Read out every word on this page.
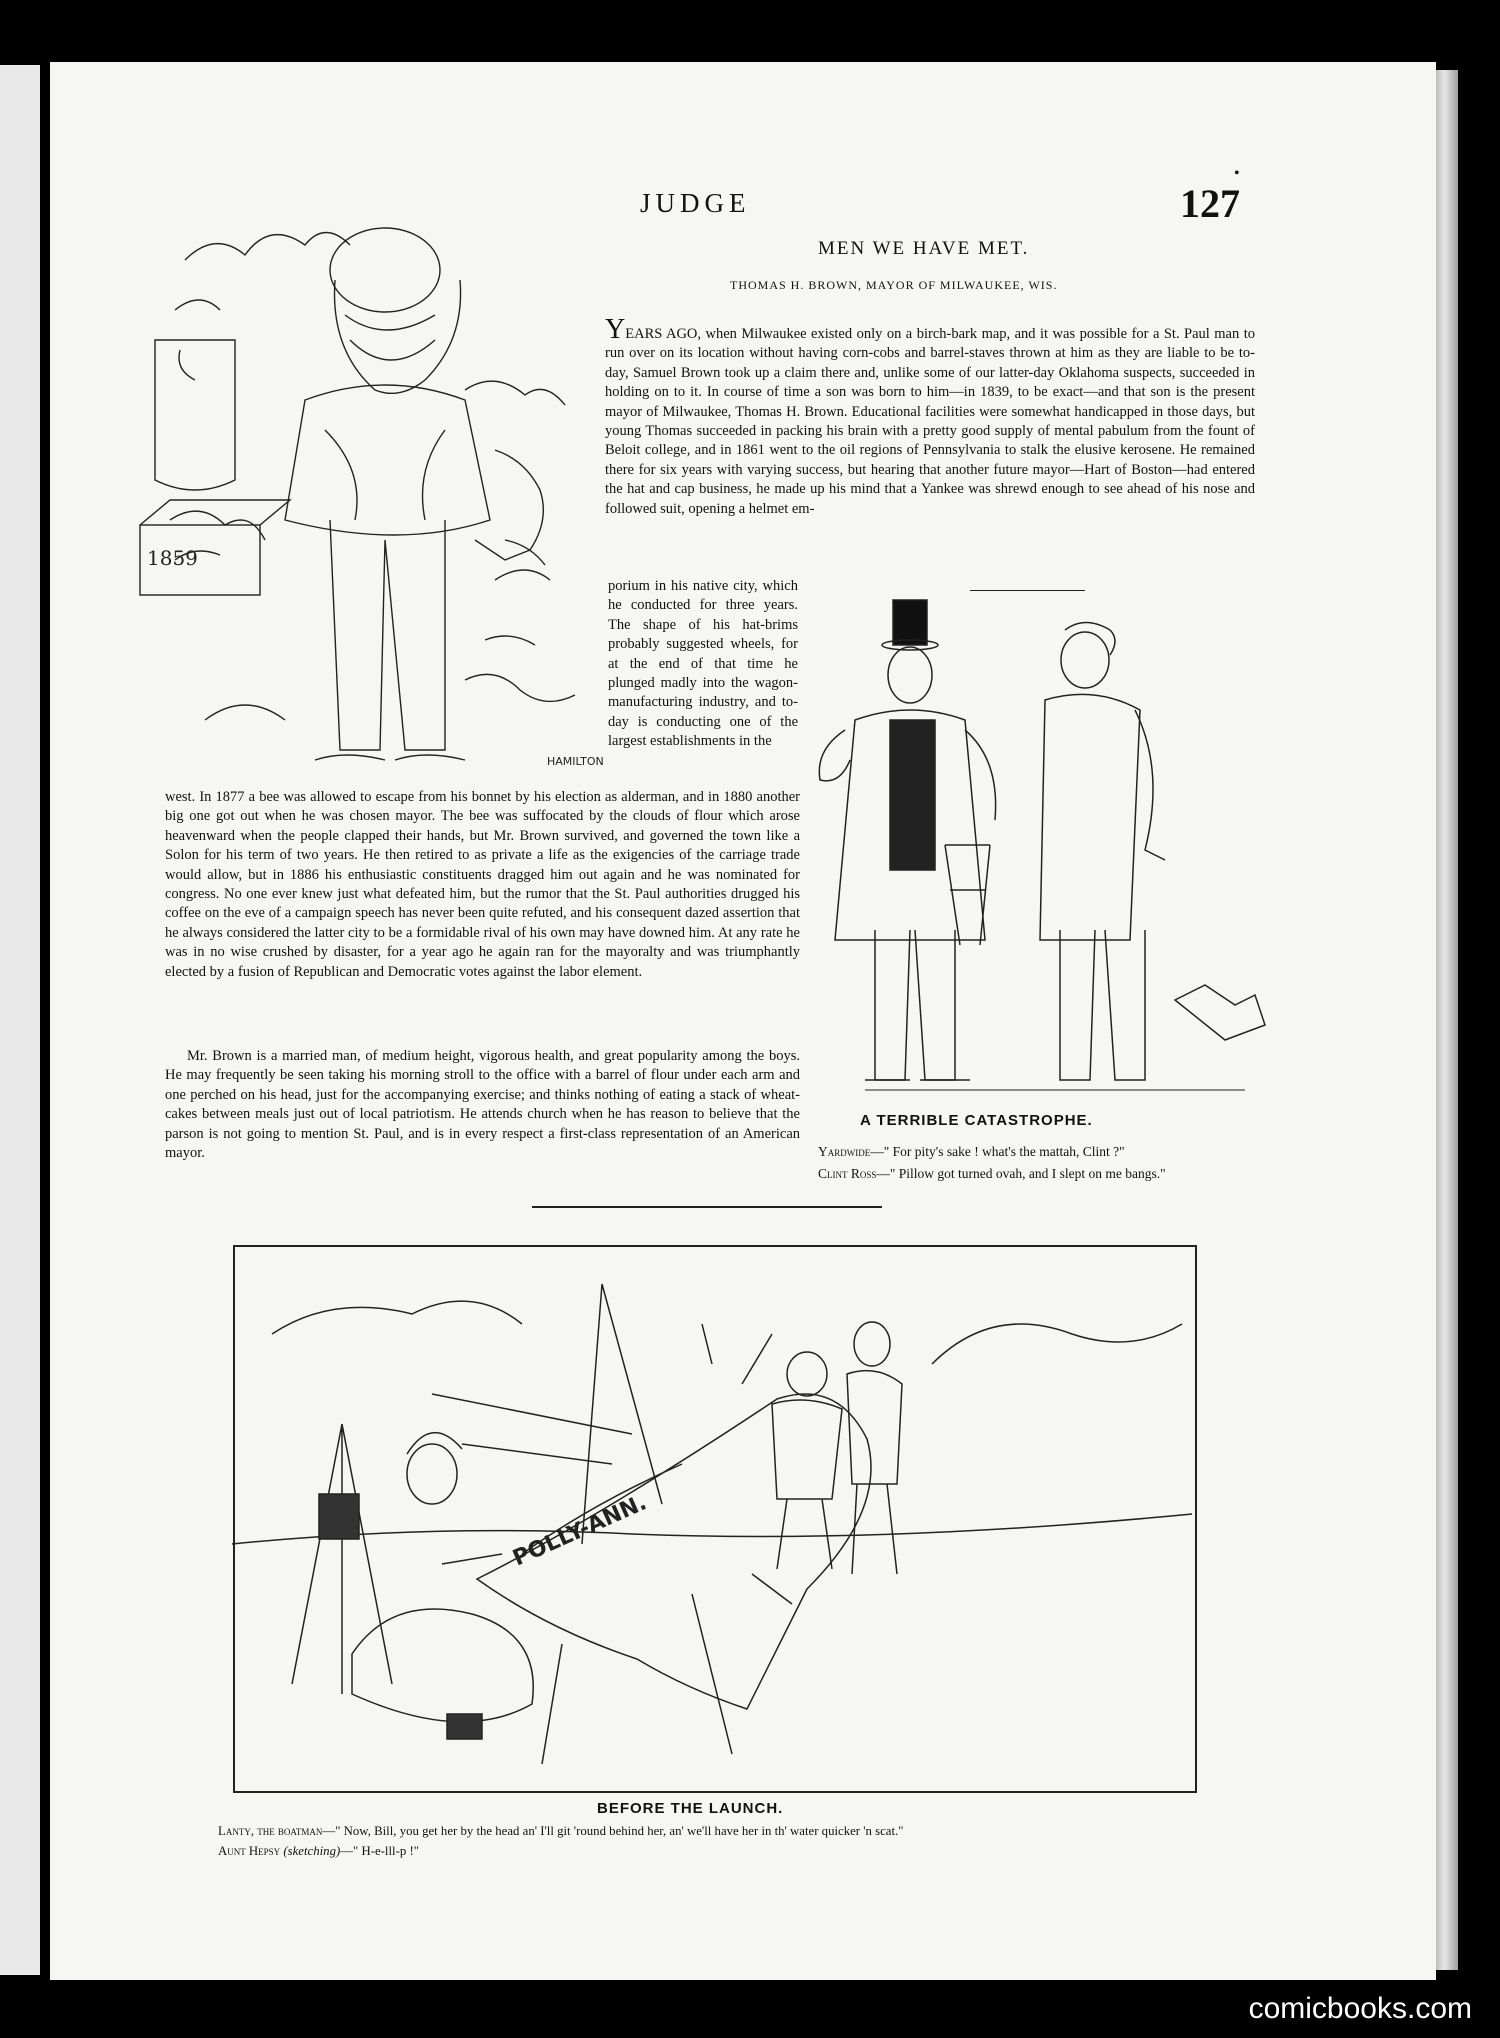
JUDGE
•
127
1859
HAMILTON
MEN WE HAVE MET.
THOMAS H. BROWN, MAYOR OF MILWAUKEE, WIS.
YEARS AGO, when Milwaukee existed only on a birch-bark map, and it was possible for a St. Paul man to run over on its location without having corn-cobs and barrel-staves thrown at him as they are liable to be to-day, Samuel Brown took up a claim there and, unlike some of our latter-day Oklahoma suspects, succeeded in holding on to it. In course of time a son was born to him—in 1839, to be exact—and that son is the present mayor of Milwaukee, Thomas H. Brown. Educational facilities were somewhat handicapped in those days, but young Thomas succeeded in packing his brain with a pretty good supply of mental pabulum from the fount of Beloit college, and in 1861 went to the oil regions of Pennsylvania to stalk the elusive kerosene. He remained there for six years with varying success, but hearing that another future mayor—Hart of Boston—had entered the hat and cap business, he made up his mind that a Yankee was shrewd enough to see ahead of his nose and followed suit, opening a helmet em-
porium in his native city, which he conducted for three years. The shape of his hat-brims probably suggested wheels, for at the end of that time he plunged madly into the wagon-manufacturing industry, and to-day is conducting one of the largest establishments in the
west. In 1877 a bee was allowed to escape from his bonnet by his election as alderman, and in 1880 another big one got out when he was chosen mayor. The bee was suffocated by the clouds of flour which arose heavenward when the people clapped their hands, but Mr. Brown survived, and governed the town like a Solon for his term of two years. He then retired to as private a life as the exigencies of the carriage trade would allow, but in 1886 his enthusiastic constituents dragged him out again and he was nominated for congress. No one ever knew just what defeated him, but the rumor that the St. Paul authorities drugged his coffee on the eve of a campaign speech has never been quite refuted, and his consequent dazed assertion that he always considered the latter city to be a formidable rival of his own may have downed him. At any rate he was in no wise crushed by disaster, for a year ago he again ran for the mayoralty and was triumphantly elected by a fusion of Republican and Democratic votes against the labor element.
Mr. Brown is a married man, of medium height, vigorous health, and great popularity among the boys. He may frequently be seen taking his morning stroll to the office with a barrel of flour under each arm and one perched on his head, just for the accompanying exercise; and thinks nothing of eating a stack of wheat-cakes between meals just out of local patriotism. He attends church when he has reason to believe that the parson is not going to mention St. Paul, and is in every respect a first-class representation of an American mayor.
A TERRIBLE CATASTROPHE.
Yardwide—" For pity's sake ! what's the mattah, Clint ?"
Clint Ross—" Pillow got turned ovah, and I slept on me bangs."
POLLY-ANN.
BEFORE THE LAUNCH.
Lanty, the boatman—" Now, Bill, you get her by the head an' I'll git 'round behind her, an' we'll have her in th' water quicker 'n scat."
Aunt Hepsy (sketching)—" H-e-lll-p !"
comicbooks.com
